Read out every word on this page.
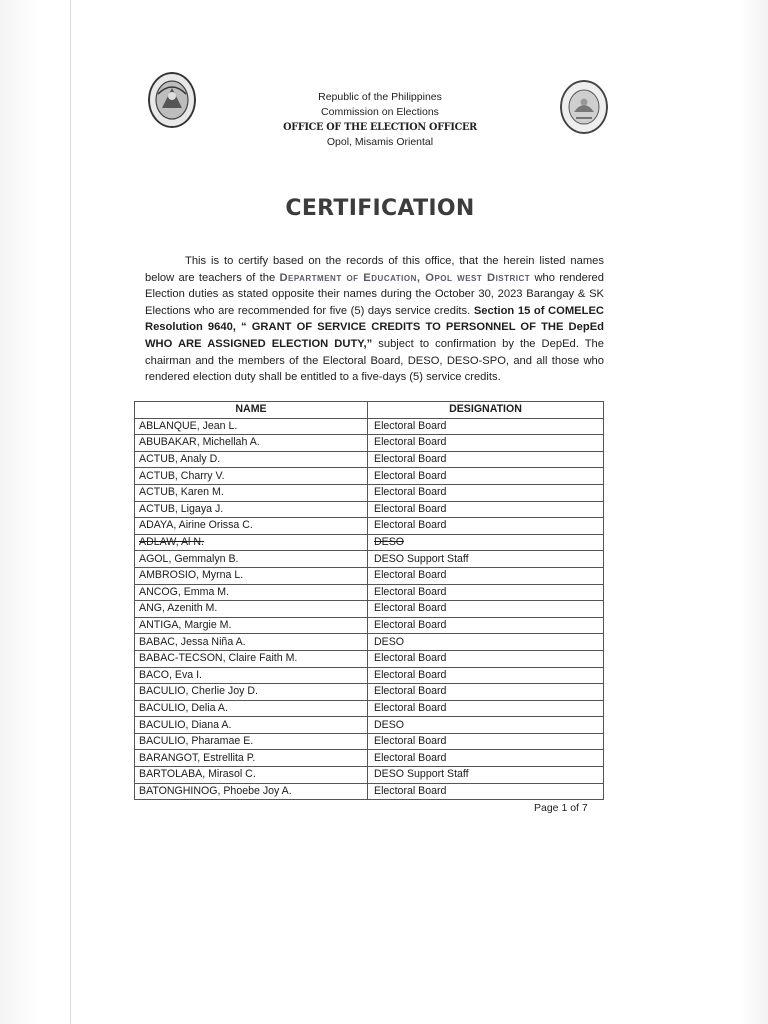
Republic of the Philippines
Commission on Elections
OFFICE OF THE ELECTION OFFICER
Opol, Misamis Oriental
CERTIFICATION
This is to certify based on the records of this office, that the herein listed names below are teachers of the Department of Education, Opol west District who rendered Election duties as stated opposite their names during the October 30, 2023 Barangay & SK Elections who are recommended for five (5) days service credits. Section 15 of COMELEC Resolution 9640, “ GRANT OF SERVICE CREDITS TO PERSONNEL OF THE DepEd WHO ARE ASSIGNED ELECTION DUTY,” subject to confirmation by the DepEd. The chairman and the members of the Electoral Board, DESO, DESO-SPO, and all those who rendered election duty shall be entitled to a five-days (5) service credits.
NAME	DESIGNATION
ABLANQUE, Jean L.	Electoral Board
ABUBAKAR, Michellah A.	Electoral Board
ACTUB, Analy D.	Electoral Board
ACTUB, Charry V.	Electoral Board
ACTUB, Karen M.	Electoral Board
ACTUB, Ligaya J.	Electoral Board
ADAYA, Airine Orissa C.	Electoral Board
ADLAW, Al N.	DESO
AGOL, Gemmalyn B.	DESO Support Staff
AMBROSIO, Myrna L.	Electoral Board
ANCOG, Emma M.	Electoral Board
ANG, Azenith M.	Electoral Board
ANTIGA, Margie M.	Electoral Board
BABAC, Jessa Niña A.	DESO
BABAC-TECSON, Claire Faith M.	Electoral Board
BACO, Eva I.	Electoral Board
BACULIO, Cherlie Joy D.	Electoral Board
BACULIO, Delia A.	Electoral Board
BACULIO, Diana A.	DESO
BACULIO, Pharamae E.	Electoral Board
BARANGOT, Estrellita P.	Electoral Board
BARTOLABA, Mirasol C.	DESO Support Staff
BATONGHINOG, Phoebe Joy A.	Electoral Board
Page 1 of 7
